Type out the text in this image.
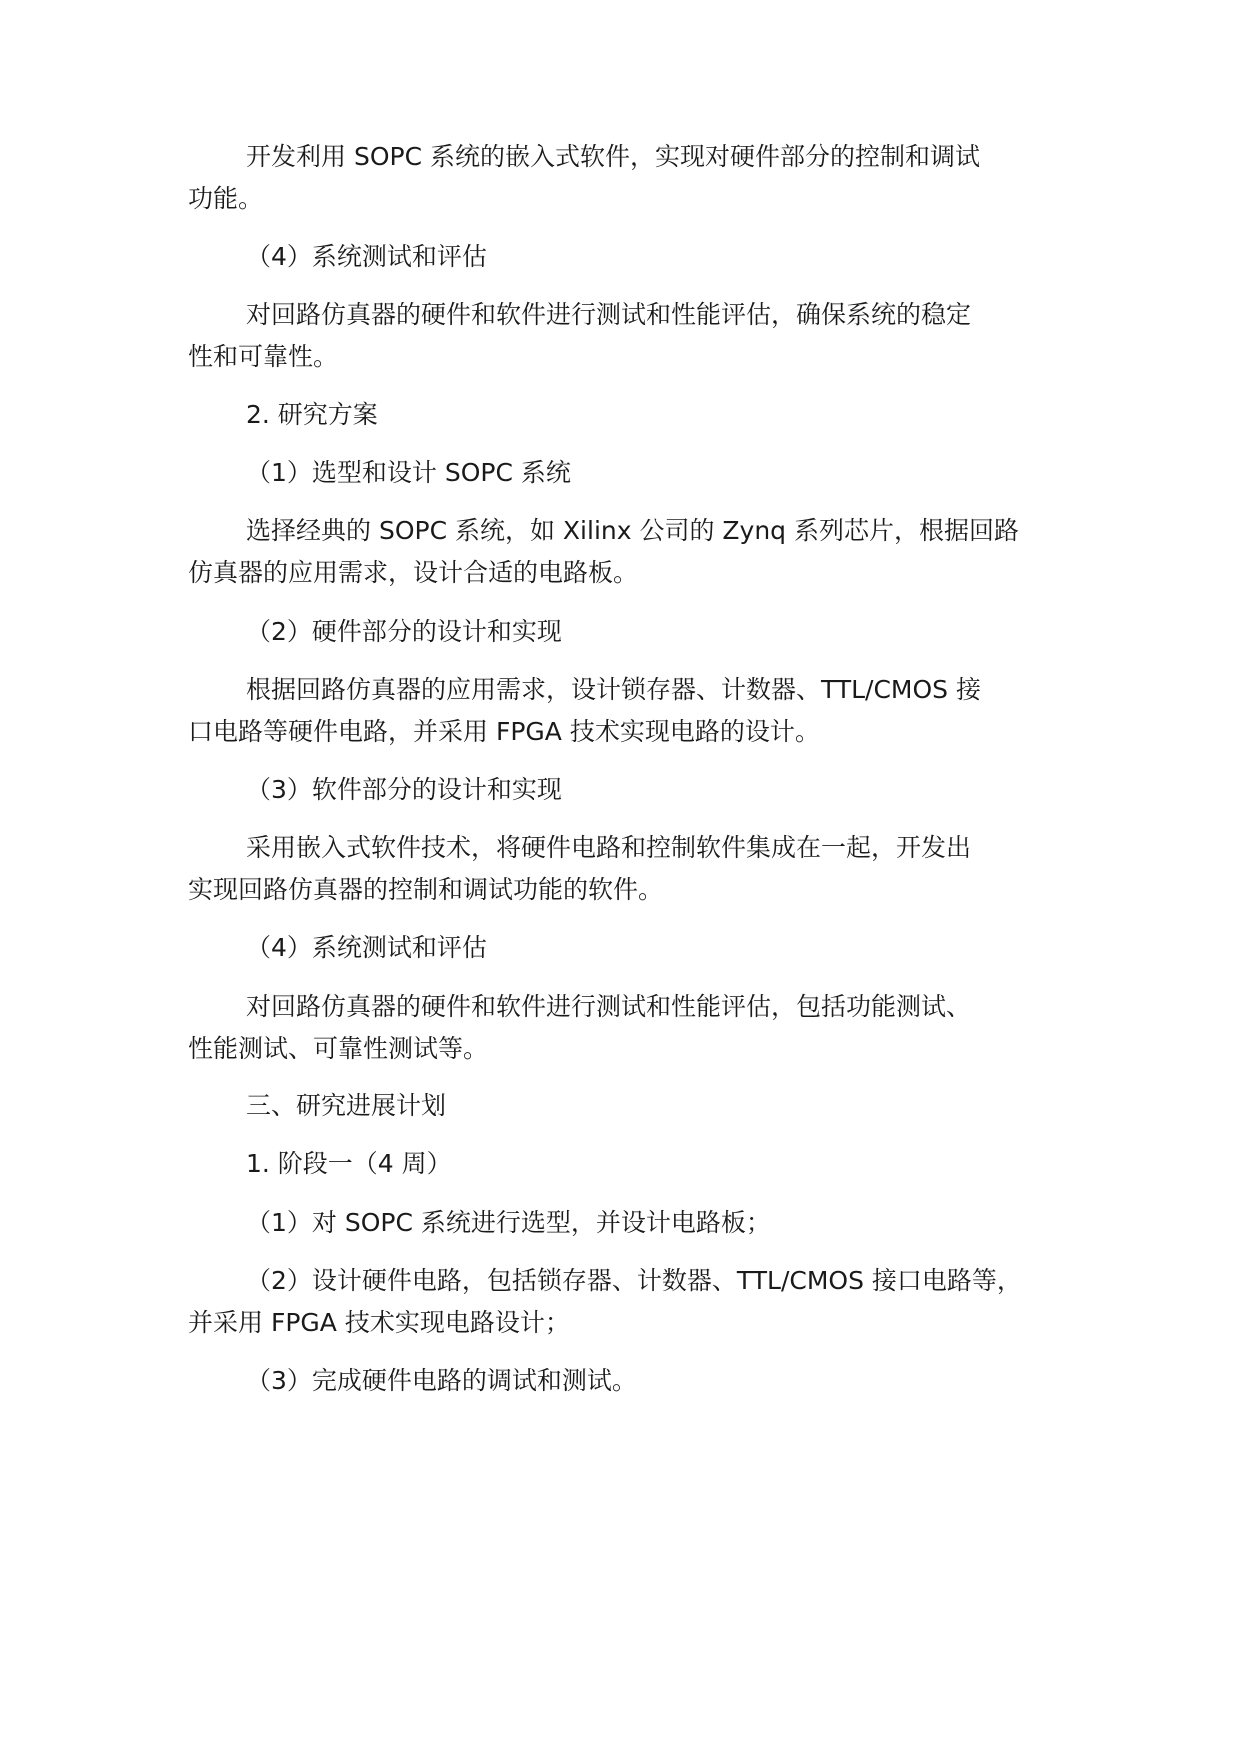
开发利用 SOPC 系统的嵌入式软件，实现对硬件部分的控制和调试
功能。
（4）系统测试和评估
对回路仿真器的硬件和软件进行测试和性能评估，确保系统的稳定
性和可靠性。
2. 研究方案
（1）选型和设计 SOPC 系统
选择经典的 SOPC 系统，如 Xilinx 公司的 Zynq 系列芯片，根据回路
仿真器的应用需求，设计合适的电路板。
（2）硬件部分的设计和实现
根据回路仿真器的应用需求，设计锁存器、计数器、TTL/CMOS 接
口电路等硬件电路，并采用 FPGA 技术实现电路的设计。
（3）软件部分的设计和实现
采用嵌入式软件技术，将硬件电路和控制软件集成在一起，开发出
实现回路仿真器的控制和调试功能的软件。
（4）系统测试和评估
对回路仿真器的硬件和软件进行测试和性能评估，包括功能测试、
性能测试、可靠性测试等。
三、研究进展计划
1. 阶段一（4 周）
（1）对 SOPC 系统进行选型，并设计电路板；
（2）设计硬件电路，包括锁存器、计数器、TTL/CMOS 接口电路等，
并采用 FPGA 技术实现电路设计；
（3）完成硬件电路的调试和测试。
